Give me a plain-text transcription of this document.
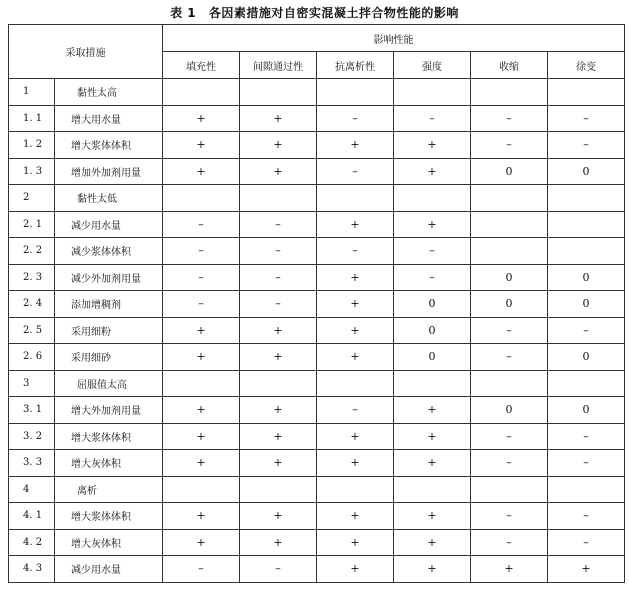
表 1 各因素措施对自密实混凝土拌合物性能的影响
采取措施		影响性能					
		填充性	间隙通过性	抗离析性	强度	收缩	徐变
1	黏性太高						
1. 1	增大用水量	+	+	–	–	–	–
1. 2	增大浆体体积	+	+	+	+	–	–
1. 3	增加外加剂用量	+	+	–	+	0	0
2	黏性太低						
2. 1	减少用水量	–	–	+	+		
2. 2	减少浆体体积	–	–	–	–		
2. 3	减少外加剂用量	–	–	+	–	0	0
2. 4	添加增稠剂	–	–	+	0	0	0
2. 5	采用细粉	+	+	+	0	–	–
2. 6	采用细砂	+	+	+	0	–	0
3	屈服值太高						
3. 1	增大外加剂用量	+	+	–	+	0	0
3. 2	增大浆体体积	+	+	+	+	–	–
3. 3	增大灰体积	+	+	+	+	–	–
4	离析						
4. 1	增大浆体体积	+	+	+	+	–	–
4. 2	增大灰体积	+	+	+	+	–	–
4. 3	减少用水量	–	–	+	+	+	+
